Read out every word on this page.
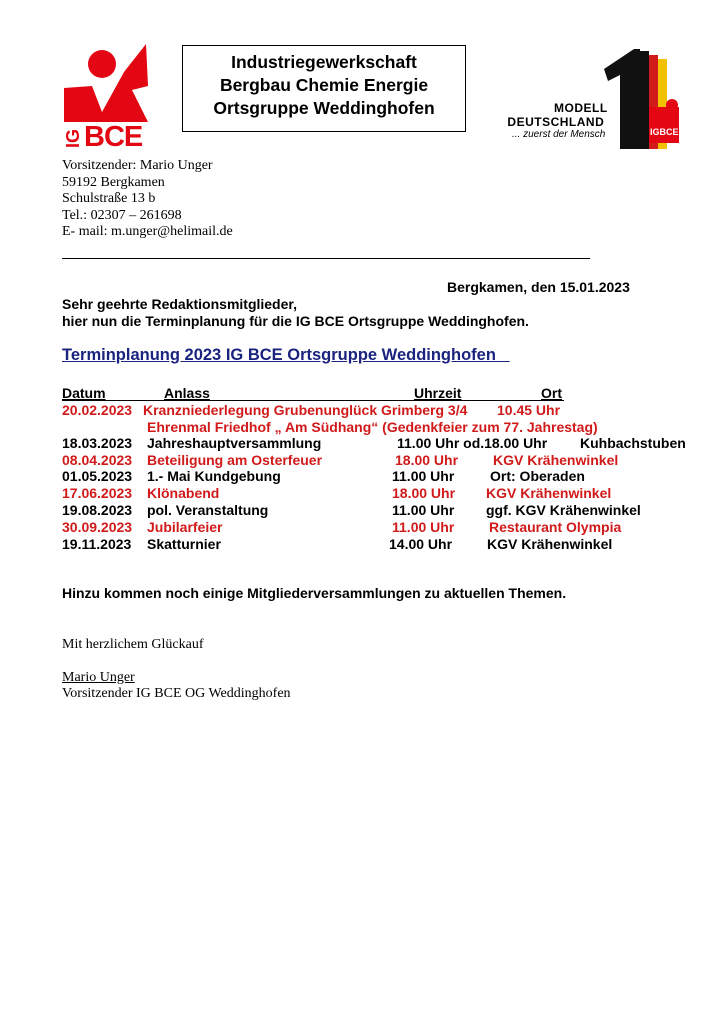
IG BCE
Industriegewerkschaft
Bergbau Chemie Energie
Ortsgruppe Weddinghofen	MODELL
DEUTSCHLAND
... zuerst der Mensch	IGBCE
Vorsitzender: Mario Unger
59192 Bergkamen
Schulstraße 13 b
Tel.: 02307 – 261698
E- mail: m.unger@helimail.de
Bergkamen, den 15.01.2023
Sehr geehrte Redaktionsmitglieder,
hier nun die Terminplanung für die IG BCE Ortsgruppe Weddinghofen.
Terminplanung 2023 IG BCE Ortsgruppe Weddinghofen
Datum	Anlass	Uhrzeit	Ort
20.02.2023 Kranzniederlegung Grubenunglück Grimberg 3/4 10.45 Uhr
Ehrenmal Friedhof „ Am Südhang“ (Gedenkfeier zum 77. Jahrestag)
18.03.2023 Jahreshauptversammlung	11.00 Uhr od.18.00 Uhr Kuhbachstuben
08.04.2023 Beteiligung am Osterfeuer	18.00 Uhr KGV Krähenwinkel
01.05.2023 1.- Mai Kundgebung	11.00 Uhr	Ort: Oberaden
17.06.2023 Klönabend	18.00 Uhr KGV Krähenwinkel
19.08.2023 pol. Veranstaltung	11.00 Uhr ggf. KGV Krähenwinkel
30.09.2023 Jubilarfeier	11.00 Uhr Restaurant Olympia
19.11.2023 Skatturnier	14.00 Uhr KGV Krähenwinkel
Hinzu kommen noch einige Mitgliederversammlungen zu aktuellen Themen.
Mit herzlichem Glückauf
Mario Unger
Vorsitzender IG BCE OG Weddinghofen
